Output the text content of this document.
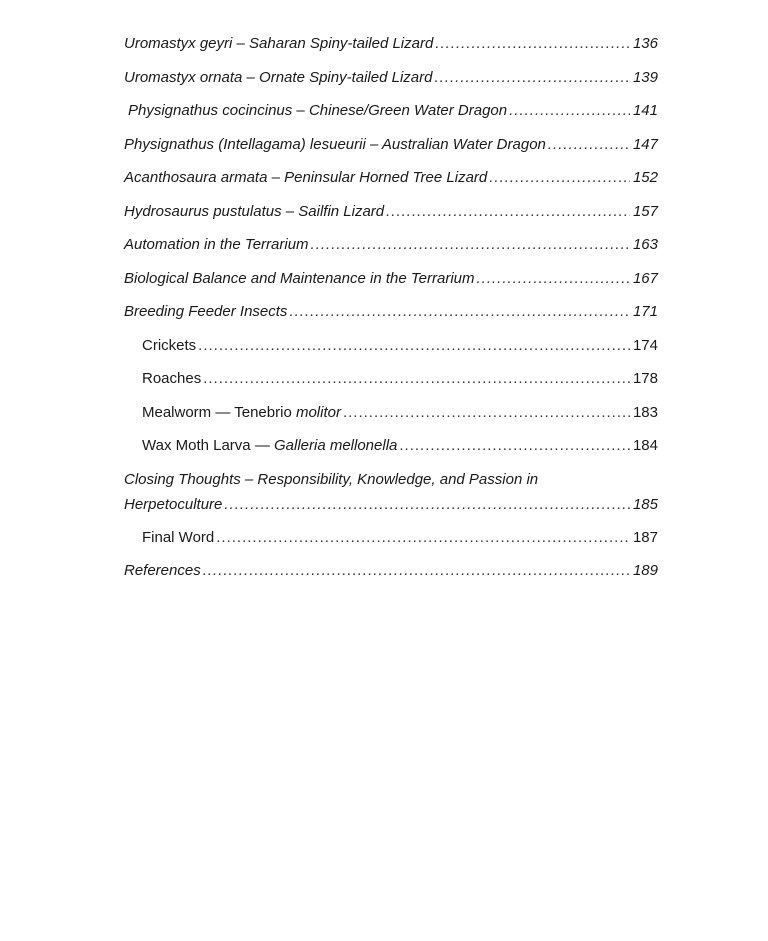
Uromastyx geyri – Saharan Spiny-tailed Lizard .....	136
Uromastyx ornata – Ornate Spiny-tailed Lizard .....	139
Physignathus cocincinus – Chinese/Green Water Dragon .....	141
Physignathus (Intellagama) lesueurii – Australian Water Dragon .....	147
Acanthosaura armata – Peninsular Horned Tree Lizard .....	152
Hydrosaurus pustulatus – Sailfin Lizard .....	157
Automation in the Terrarium .....	163
Biological Balance and Maintenance in the Terrarium .....	167
Breeding Feeder Insects .....	171
Crickets .....	174
Roaches .....	178
Mealworm — Tenebrio molitor .....	183
Wax Moth Larva — Galleria mellonella .....	184
Closing Thoughts – Responsibility, Knowledge, and Passion in
Herpetoculture .....	185
Final Word .....	187
References .....	189
